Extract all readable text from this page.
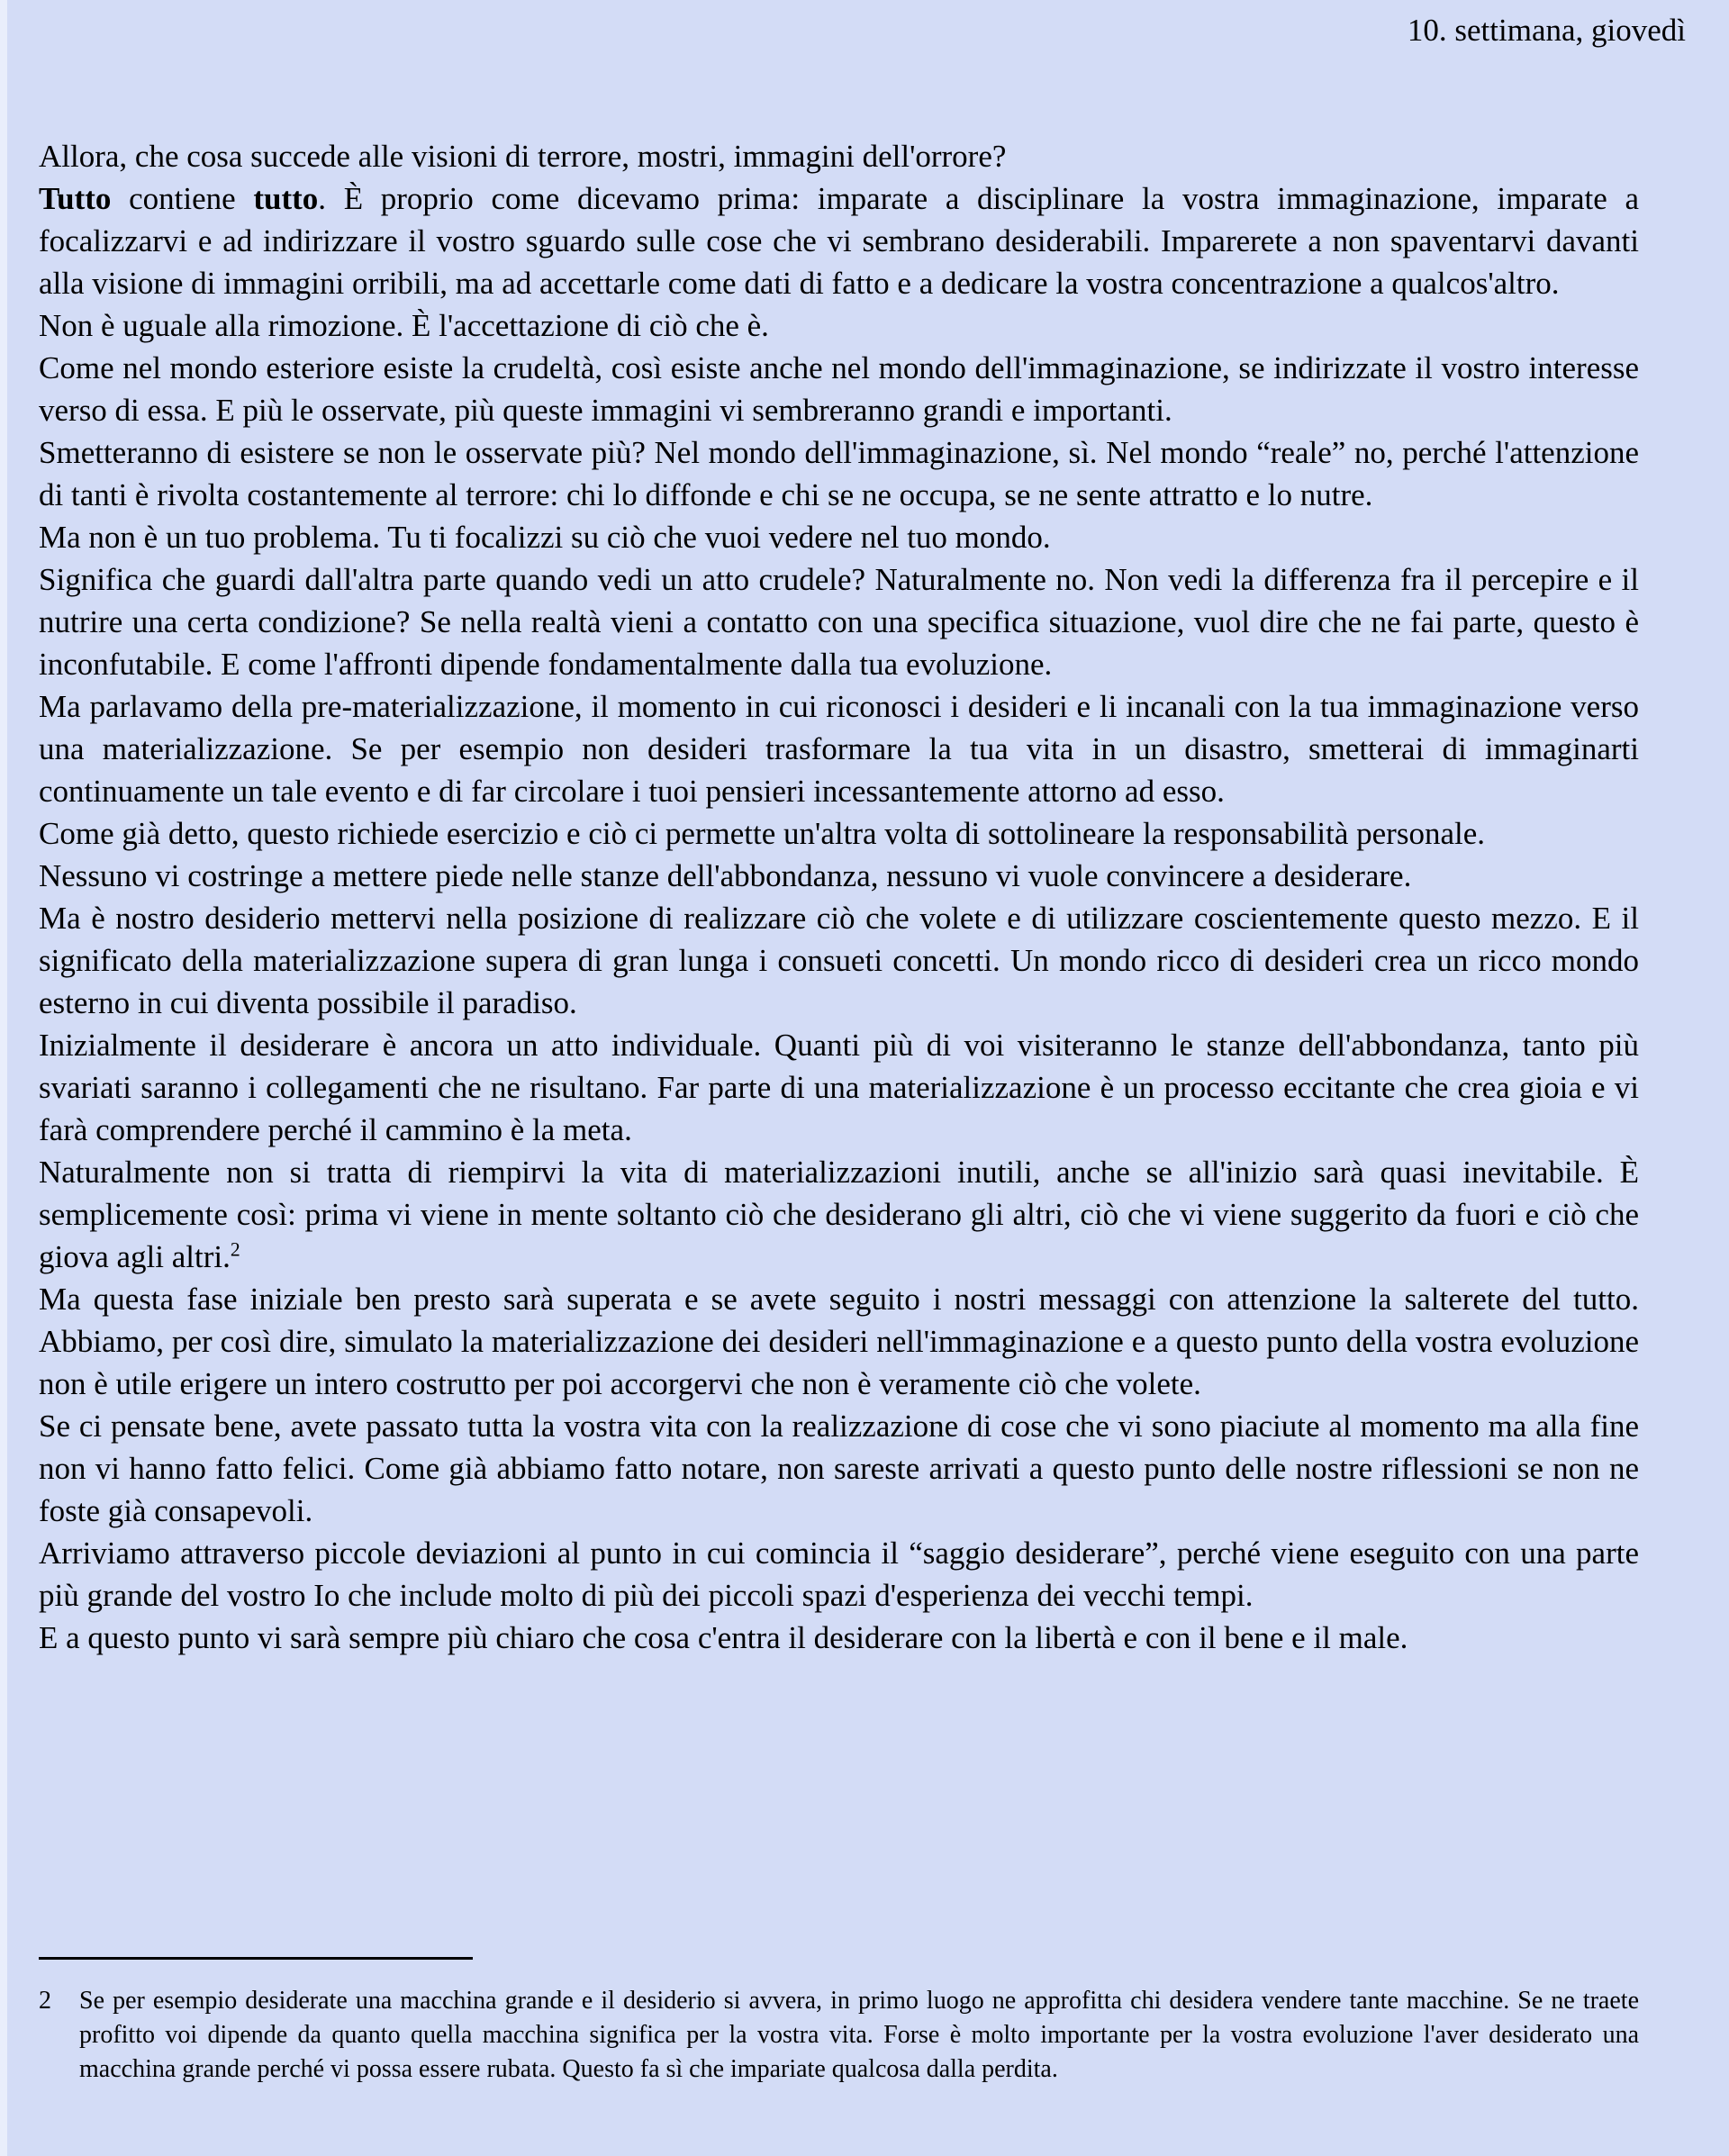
10. settimana, giovedì

Allora, che cosa succede alle visioni di terrore, mostri, immagini dell'orrore?

Tutto contiene tutto. È proprio come dicevamo prima: imparate a disciplinare la vostra immaginazione, imparate a focalizzarvi e ad indirizzare il vostro sguardo sulle cose che vi sembrano desiderabili. Imparerete a non spaventarvi davanti alla visione di immagini orribili, ma ad accettarle come dati di fatto e a dedicare la vostra concentrazione a qualcos'altro.

Non è uguale alla rimozione. È l'accettazione di ciò che è.

Come nel mondo esteriore esiste la crudeltà, così esiste anche nel mondo dell'immaginazione, se indirizzate il vostro interesse verso di essa. E più le osservate, più queste immagini vi sembreranno grandi e importanti.

Smetteranno di esistere se non le osservate più? Nel mondo dell'immaginazione, sì. Nel mondo “reale” no, perché l'attenzione di tanti è rivolta costantemente al terrore: chi lo diffonde e chi se ne occupa, se ne sente attratto e lo nutre.

Ma non è un tuo problema. Tu ti focalizzi su ciò che vuoi vedere nel tuo mondo.

Significa che guardi dall'altra parte quando vedi un atto crudele? Naturalmente no. Non vedi la differenza fra il percepire e il nutrire una certa condizione? Se nella realtà vieni a contatto con una specifica situazione, vuol dire che ne fai parte, questo è inconfutabile. E come l'affronti dipende fondamentalmente dalla tua evoluzione.

Ma parlavamo della pre-materializzazione, il momento in cui riconosci i desideri e li incanali con la tua immaginazione verso una materializzazione. Se per esempio non desideri trasformare la tua vita in un disastro, smetterai di immaginarti continuamente un tale evento e di far circolare i tuoi pensieri incessantemente attorno ad esso.

Come già detto, questo richiede esercizio e ciò ci permette un'altra volta di sottolineare la responsabilità personale.

Nessuno vi costringe a mettere piede nelle stanze dell'abbondanza, nessuno vi vuole convincere a desiderare.

Ma è nostro desiderio mettervi nella posizione di realizzare ciò che volete e di utilizzare coscientemente questo mezzo. E il significato della materializzazione supera di gran lunga i consueti concetti. Un mondo ricco di desideri crea un ricco mondo esterno in cui diventa possibile il paradiso.

Inizialmente il desiderare è ancora un atto individuale. Quanti più di voi visiteranno le stanze dell'abbondanza, tanto più svariati saranno i collegamenti che ne risultano. Far parte di una materializzazione è un processo eccitante che crea gioia e vi farà comprendere perché il cammino è la meta.

Naturalmente non si tratta di riempirvi la vita di materializzazioni inutili, anche se all'inizio sarà quasi inevitabile. È semplicemente così: prima vi viene in mente soltanto ciò che desiderano gli altri, ciò che vi viene suggerito da fuori e ciò che giova agli altri.$^2$

Ma questa fase iniziale ben presto sarà superata e se avete seguito i nostri messaggi con attenzione la salterete del tutto. Abbiamo, per così dire, simulato la materializzazione dei desideri nell'immaginazione e a questo punto della vostra evoluzione non è utile erigere un intero costrutto per poi accorgervi che non è veramente ciò che volete.

Se ci pensate bene, avete passato tutta la vostra vita con la realizzazione di cose che vi sono piaciute al momento ma alla fine non vi hanno fatto felici. Come già abbiamo fatto notare, non sareste arrivati a questo punto delle nostre riflessioni se non ne foste già consapevoli.

Arriviamo attraverso piccole deviazioni al punto in cui comincia il “saggio desiderare”, perché viene eseguito con una parte più grande del vostro Io che include molto di più dei piccoli spazi d'esperienza dei vecchi tempi.

E a questo punto vi sarà sempre più chiaro che cosa c'entra il desiderare con la libertà e con il bene e il male.

2 Se per esempio desiderate una macchina grande e il desiderio si avvera, in primo luogo ne approfitta chi desidera vendere tante macchine. Se ne traete profitto voi dipende da quanto quella macchina significa per la vostra vita. Forse è molto importante per la vostra evoluzione l'aver desiderato una macchina grande perché vi possa essere rubata. Questo fa sì che impariate qualcosa dalla perdita.
